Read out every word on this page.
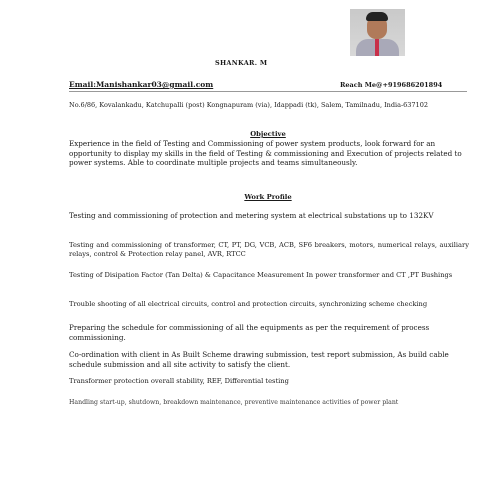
SHANKAR. M
Email:Manishankar03@gmail.com	Reach Me@+919686201894
No.6/86, Kovalankadu, Katchupalli (post) Kongnapuram (via), Idappadi (tk), Salem, Tamilnadu, India-637102
Objective
Experience in the field of Testing and Commissioning of power system products, look forward for an opportunity to display my skills in the field of Testing & commissioning and Execution of projects related to power systems. Able to coordinate multiple projects and teams simultaneously.
Work Profile
Testing and commissioning of protection and metering system at electrical substations up to 132KV
Testing and commissioning of transformer, CT, PT, DG, VCB, ACB, SF6 breakers, motors, numerical relays, auxiliary relays, control & Protection relay panel, AVR, RTCC
Testing of Disipation Factor (Tan Delta) & Capacitance Measurement In power transformer and CT ,PT Bushings
Trouble shooting of all electrical circuits, control and protection circuits, synchronizing scheme checking
Preparing the schedule for commissioning of all the equipments as per the requirement of process commissioning.
Co-ordination with client in As Built Scheme drawing submission, test report submission, As build cable schedule submission and all site activity to satisfy the client.
Transformer protection overall stability, REF, Differential testing
Handling start-up, shutdown, breakdown maintenance, preventive maintenance activities of power plant
